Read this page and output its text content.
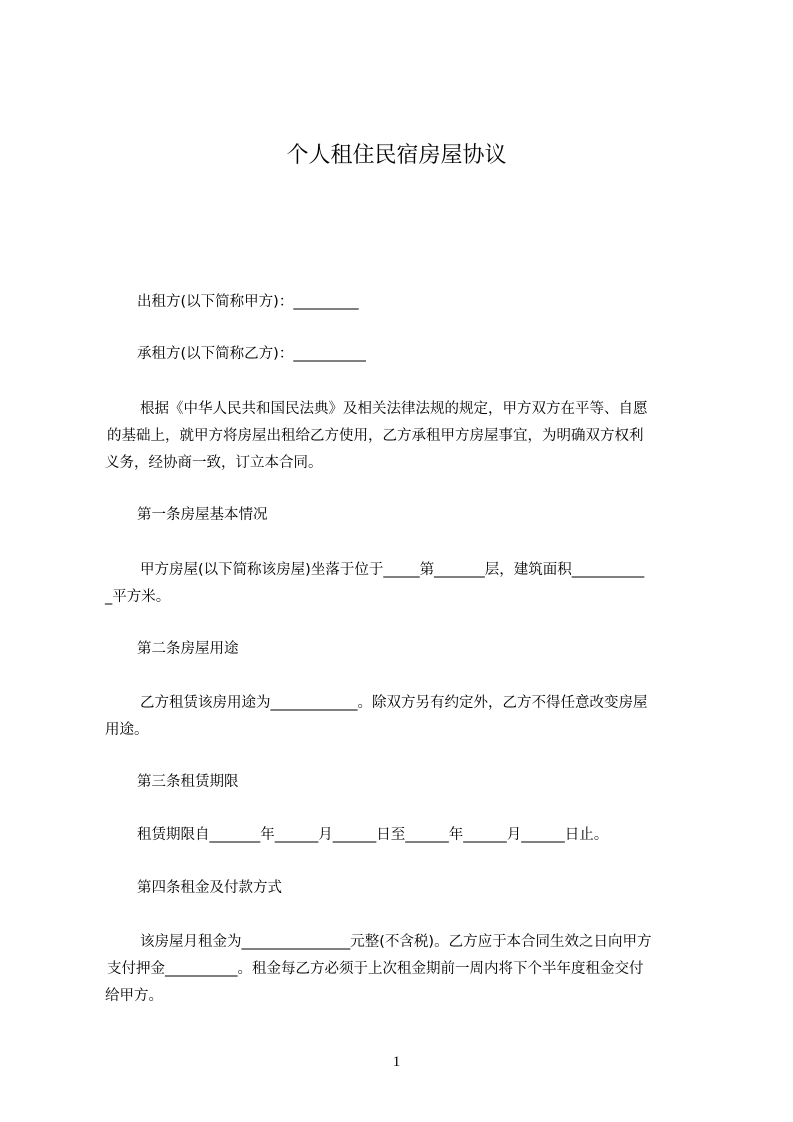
个人租住民宿房屋协议
出租方(以下简称甲方)：_________
承租方(以下简称乙方)：__________
根据《中华人民共和国民法典》及相关法律法规的规定，甲方双方在平等、自愿
的基础上，就甲方将房屋出租给乙方使用，乙方承租甲方房屋事宜，为明确双方权利
义务，经协商一致，订立本合同。
第一条房屋基本情况
甲方房屋(以下简称该房屋)坐落于位于_____第_______层，建筑面积__________
_平方米。
第二条房屋用途
乙方租赁该房用途为____________。除双方另有约定外，乙方不得任意改变房屋
用途。
第三条租赁期限
租赁期限自_______年______月______日至______年______月______日止。
第四条租金及付款方式
该房屋月租金为_______________元整(不含税)。乙方应于本合同生效之日向甲方
支付押金__________。租金每乙方必须于上次租金期前一周内将下个半年度租金交付
给甲方。
1
